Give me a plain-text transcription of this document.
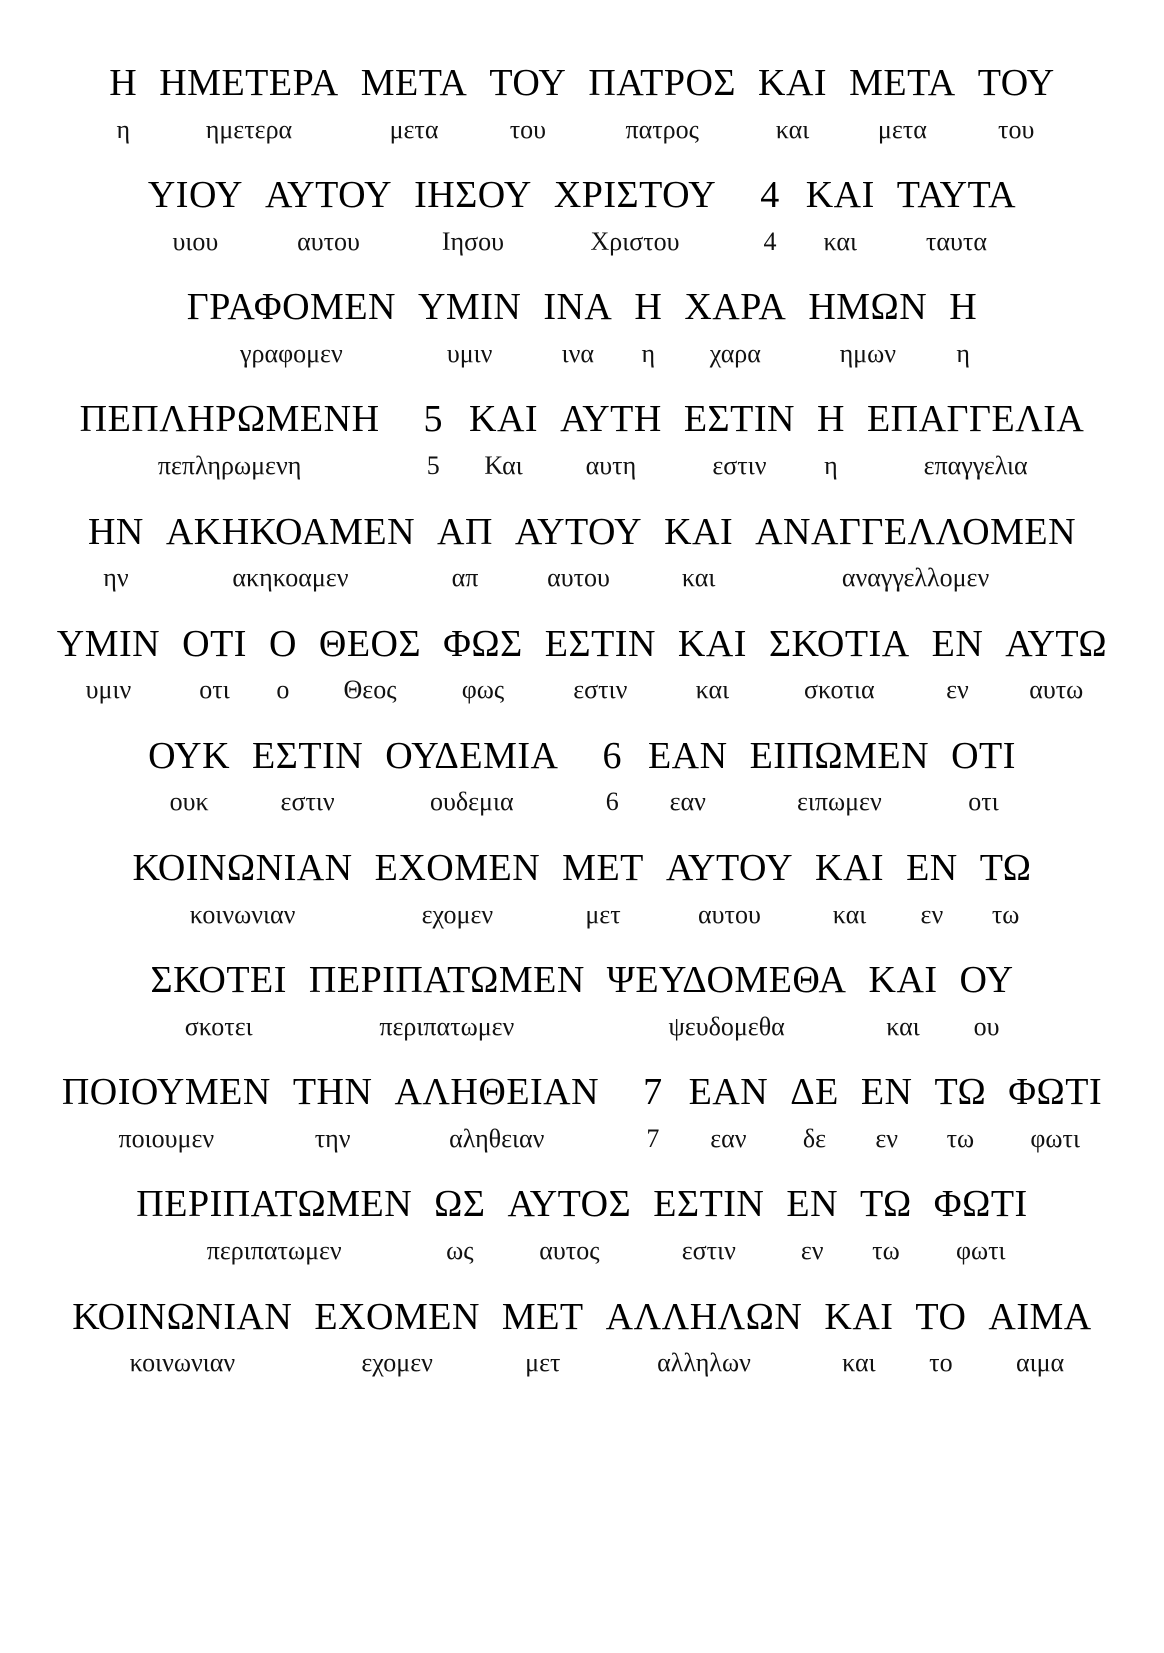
Η
η
ΗΜΕΤΕΡΑ
ημετερα
ΜΕΤΑ
μετα
ΤΟΥ
του
ΠΑΤΡΟΣ
πατρος
ΚΑΙ
και
ΜΕΤΑ
μετα
ΤΟΥ
του
ΥΙΟΥ
υιου
ΑΥΤΟΥ
αυτου
ΙΗΣΟΥ
Ιησου
ΧΡΙΣΤΟΥ
Χριστου
4
4
ΚΑΙ
και
ΤΑΥΤΑ
ταυτα
ΓΡΑΦΟΜΕΝ
γραφομεν
ΥΜΙΝ
υμιν
ΙΝΑ
ινα
Η
η
ΧΑΡΑ
χαρα
ΗΜΩΝ
ημων
Η
η
ΠΕΠΛΗΡΩΜΕΝΗ
πεπληρωμενη
5
5
ΚΑΙ
Και
ΑΥΤΗ
αυτη
ΕΣΤΙΝ
εστιν
Η
η
ΕΠΑΓΓΕΛΙΑ
επαγγελια
ΗΝ
ην
ΑΚΗΚΟΑΜΕΝ
ακηκοαμεν
ΑΠ
απ
ΑΥΤΟΥ
αυτου
ΚΑΙ
και
ΑΝΑΓΓΕΛΛΟΜΕΝ
αναγγελλομεν
ΥΜΙΝ
υμιν
ΟΤΙ
οτι
Ο
ο
ΘΕΟΣ
Θεος
ΦΩΣ
φως
ΕΣΤΙΝ
εστιν
ΚΑΙ
και
ΣΚΟΤΙΑ
σκοτια
ΕΝ
εν
ΑΥΤΩ
αυτω
ΟΥΚ
ουκ
ΕΣΤΙΝ
εστιν
ΟΥΔΕΜΙΑ
ουδεμια
6
6
ΕΑΝ
εαν
ΕΙΠΩΜΕΝ
ειπωμεν
ΟΤΙ
οτι
ΚΟΙΝΩΝΙΑΝ
κοινωνιαν
ΕΧΟΜΕΝ
εχομεν
ΜΕΤ
μετ
ΑΥΤΟΥ
αυτου
ΚΑΙ
και
ΕΝ
εν
ΤΩ
τω
ΣΚΟΤΕΙ
σκοτει
ΠΕΡΙΠΑΤΩΜΕΝ
περιπατωμεν
ΨΕΥΔΟΜΕΘΑ
ψευδομεθα
ΚΑΙ
και
ΟΥ
ου
ΠΟΙΟΥΜΕΝ
ποιουμεν
ΤΗΝ
την
ΑΛΗΘΕΙΑΝ
αληθειαν
7
7
ΕΑΝ
εαν
ΔΕ
δε
ΕΝ
εν
ΤΩ
τω
ΦΩΤΙ
φωτι
ΠΕΡΙΠΑΤΩΜΕΝ
περιπατωμεν
ΩΣ
ως
ΑΥΤΟΣ
αυτος
ΕΣΤΙΝ
εστιν
ΕΝ
εν
ΤΩ
τω
ΦΩΤΙ
φωτι
ΚΟΙΝΩΝΙΑΝ
κοινωνιαν
ΕΧΟΜΕΝ
εχομεν
ΜΕΤ
μετ
ΑΛΛΗΛΩΝ
αλληλων
ΚΑΙ
και
ΤΟ
το
ΑΙΜΑ
αιμα
